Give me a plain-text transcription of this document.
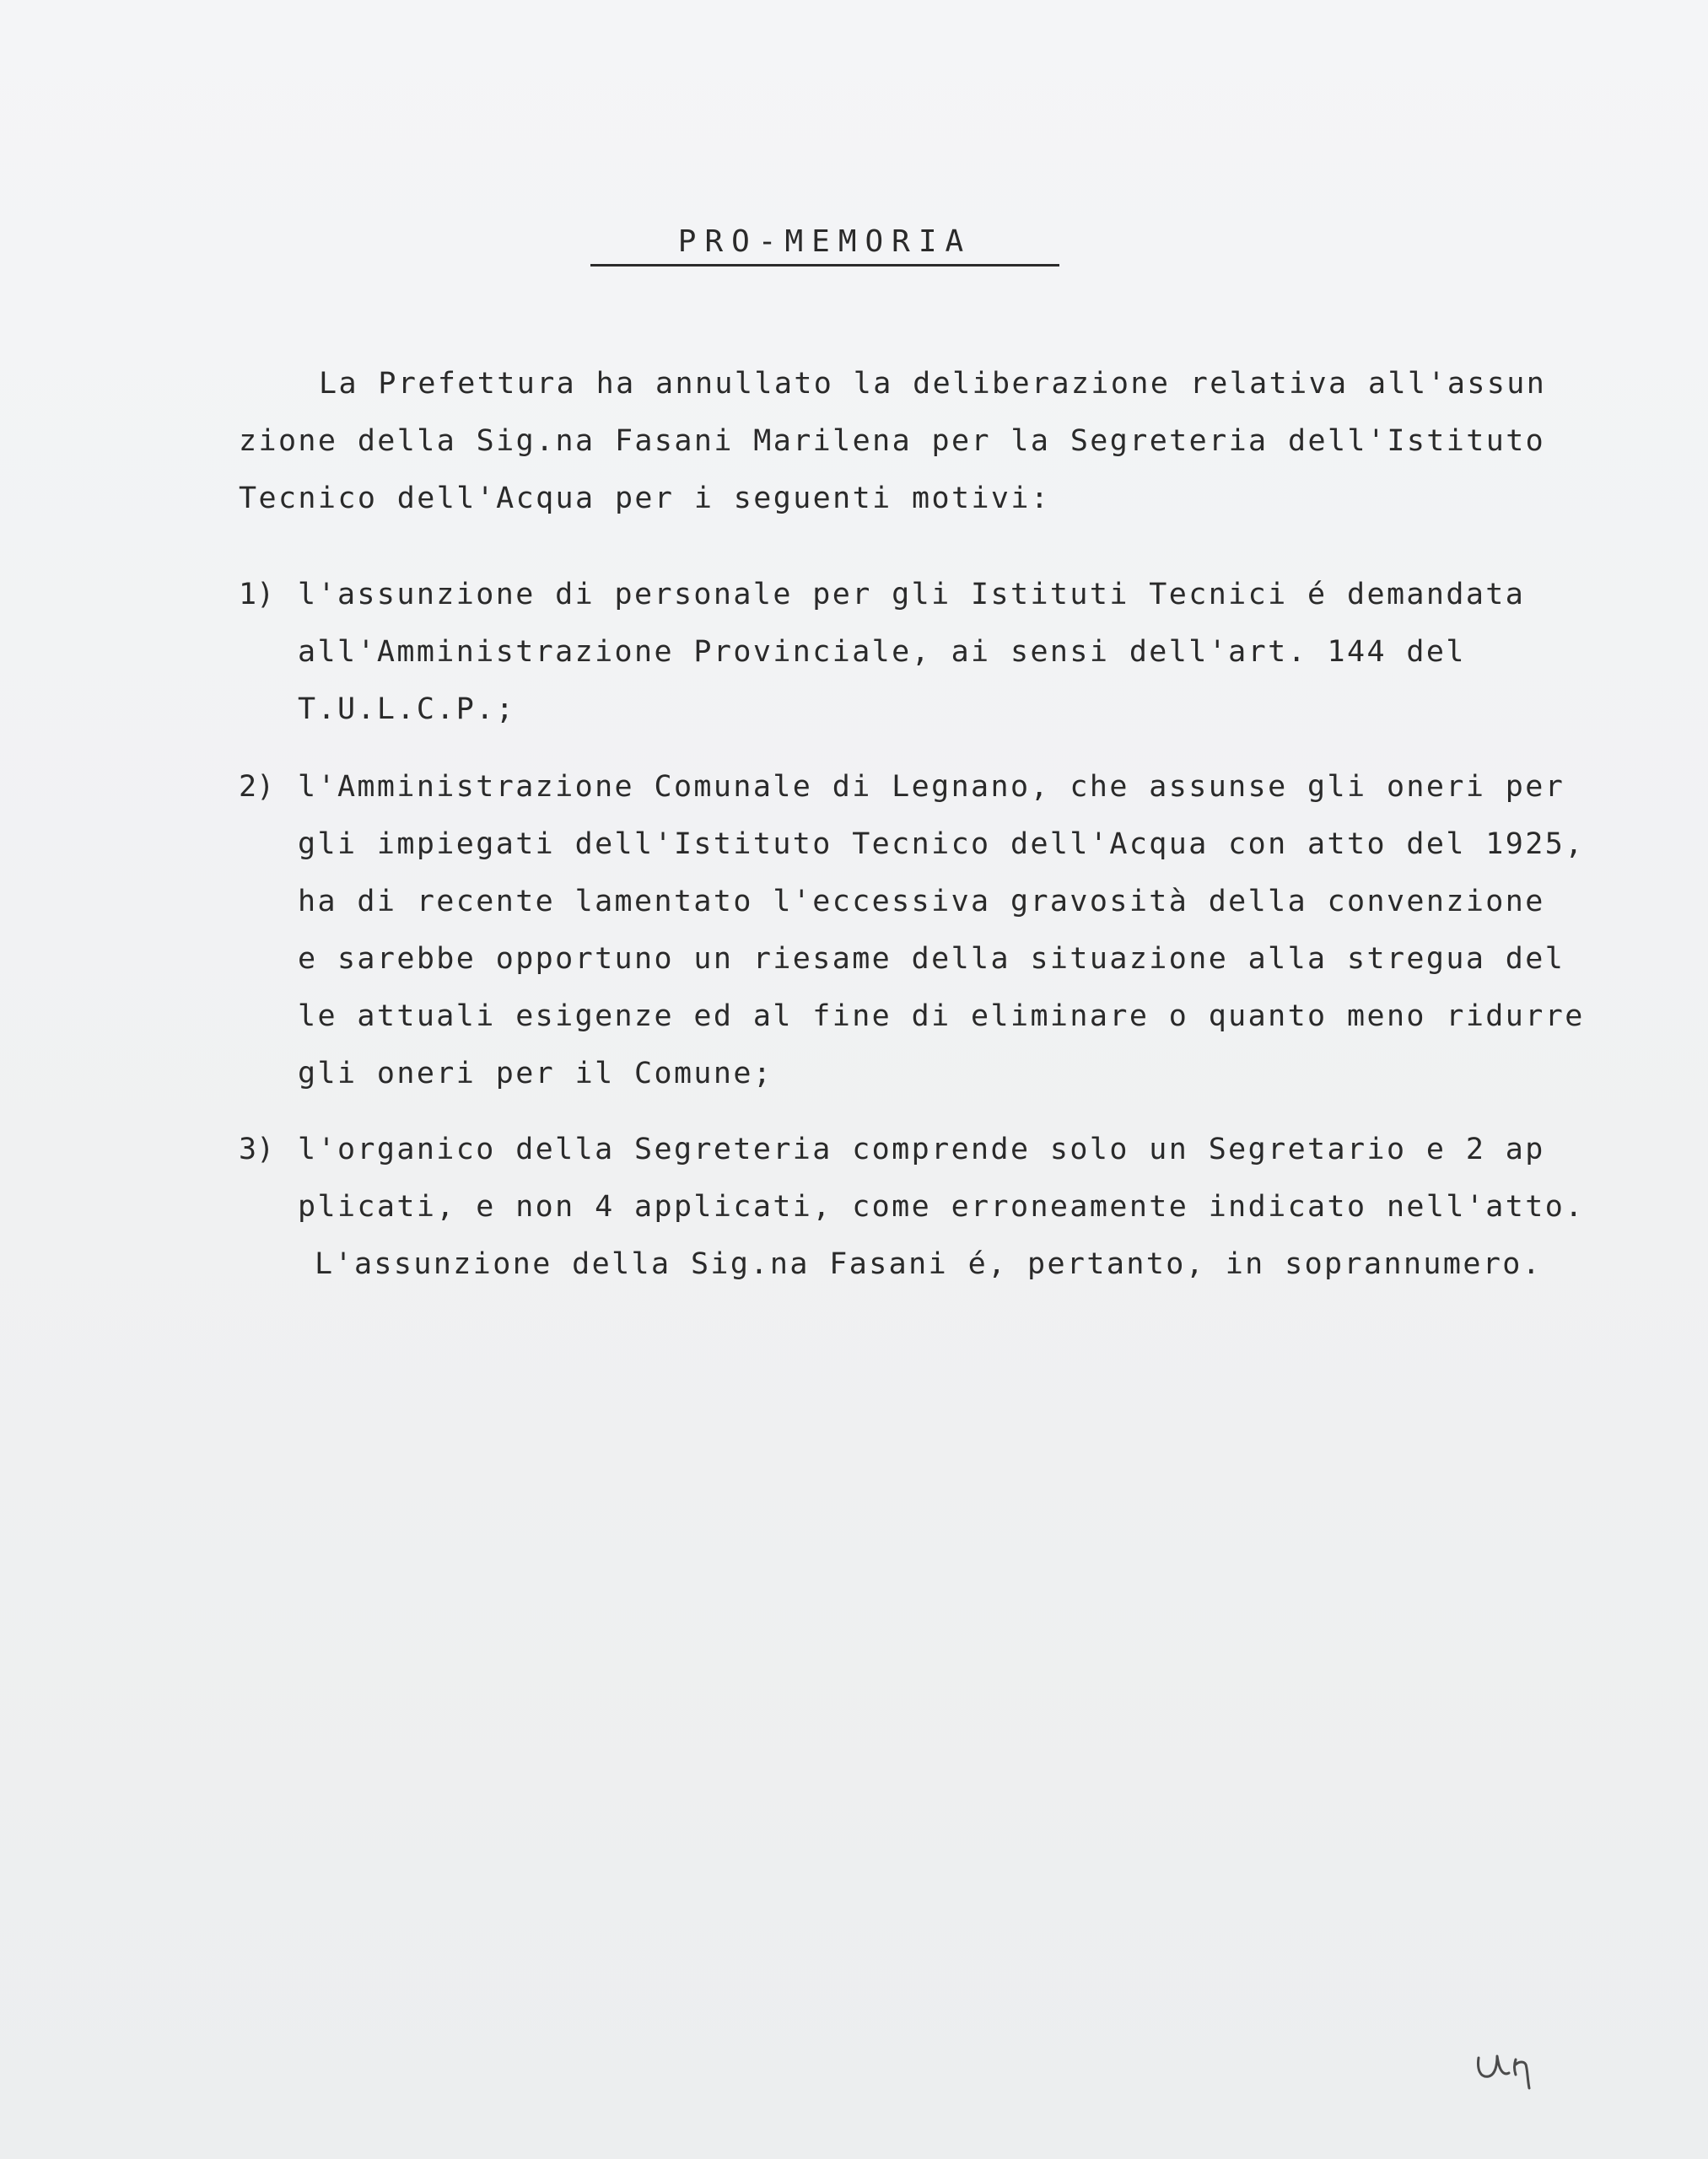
PRO-MEMORIA
La Prefettura ha annullato la deliberazione relativa all'assun
zione della Sig.na Fasani Marilena per la Segreteria dell'Istituto
Tecnico dell'Acqua per i seguenti motivi:
1) l'assunzione di personale per gli Istituti Tecnici é demandata
all'Amministrazione Provinciale, ai sensi dell'art. 144 del
T.U.L.C.P.;
2) l'Amministrazione Comunale di Legnano, che assunse gli oneri per
gli impiegati dell'Istituto Tecnico dell'Acqua con atto del 1925,
ha di recente lamentato l'eccessiva gravosità della convenzione
e sarebbe opportuno un riesame della situazione alla stregua del
le attuali esigenze ed al fine di eliminare o quanto meno ridurre
gli oneri per il Comune;
3) l'organico della Segreteria comprende solo un Segretario e 2 ap
plicati, e non 4 applicati, come erroneamente indicato nell'atto.
L'assunzione della Sig.na Fasani é, pertanto, in soprannumero.
